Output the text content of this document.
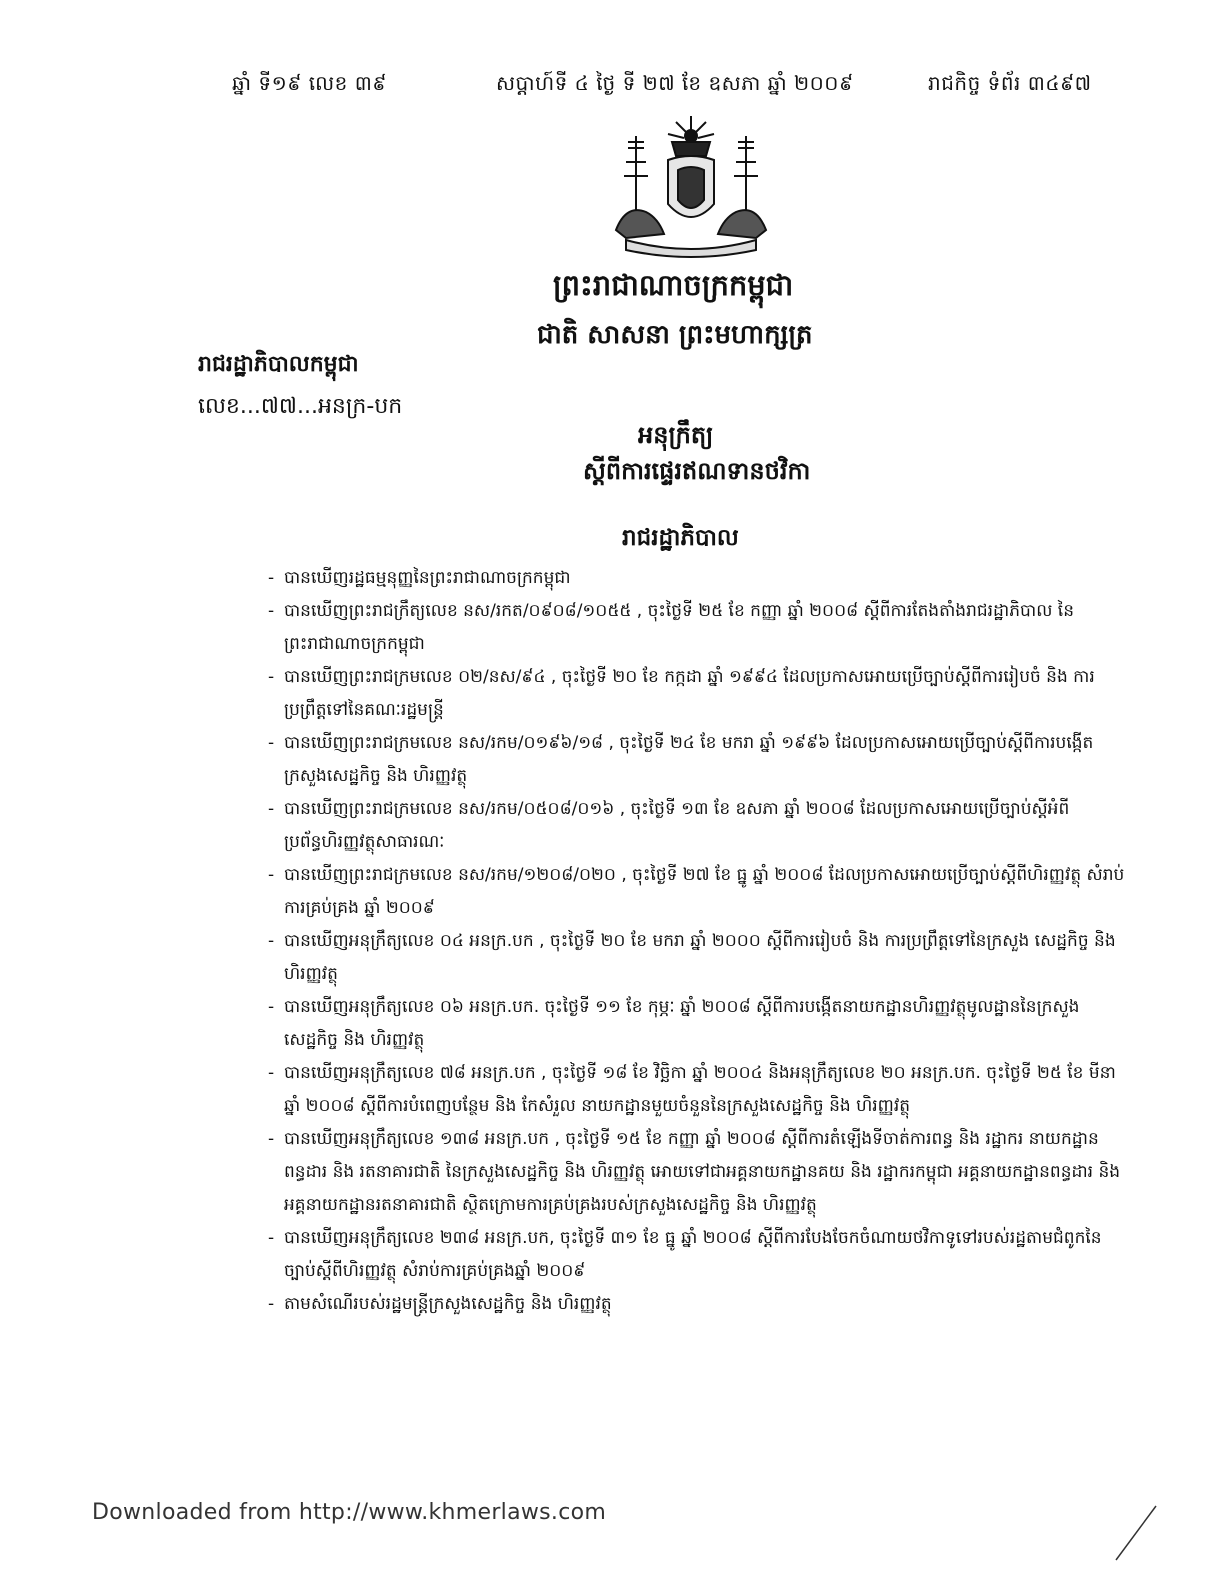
ឆ្នាំ ទី១៩ លេខ ៣៩	សប្តាហ៍ទី ៤ ថ្ងៃ ទី ២៧ ខែ ឧសភា ឆ្នាំ ២០០៩	រាជកិច្ច ទំព័រ ៣៤៩៧
ព្រះរាជាណាចក្រកម្ពុជា
ជាតិ សាសនា ព្រះមហាក្សត្រ
រាជរដ្ឋាភិបាលកម្ពុជា
លេខ...៧៧...អនក្រ-បក
អនុក្រឹត្យ
ស្តីពីការផ្ទេរឥណទានថវិកា
រាជរដ្ឋាភិបាល
- បានឃើញរដ្ឋធម្មនុញ្ញនៃព្រះរាជាណាចក្រកម្ពុជា
- បានឃើញព្រះរាជក្រឹត្យលេខ នស/រកត/០៩០៨/១០៥៥ , ចុះថ្ងៃទី ២៥ ខែ កញ្ញា ឆ្នាំ ២០០៨ ស្តីពីការតែងតាំងរាជរដ្ឋាភិបាល នៃព្រះរាជាណាចក្រកម្ពុជា
- បានឃើញព្រះរាជក្រមលេខ ០២/នស/៩៤ , ចុះថ្ងៃទី ២០ ខែ កក្កដា ឆ្នាំ ១៩៩៤ ដែលប្រកាសអោយប្រើច្បាប់ស្តីពីការរៀបចំ និង ការប្រព្រឹត្តទៅនៃគណៈរដ្ឋមន្ត្រី
- បានឃើញព្រះរាជក្រមលេខ នស/រកម/០១៩៦/១៨ , ចុះថ្ងៃទី ២៤ ខែ មករា ឆ្នាំ ១៩៩៦ ដែលប្រកាសអោយប្រើច្បាប់ស្តីពីការបង្កើតក្រសួងសេដ្ឋកិច្ច និង ហិរញ្ញវត្ថុ
- បានឃើញព្រះរាជក្រមលេខ នស/រកម/០៥០៨/០១៦ , ចុះថ្ងៃទី ១៣ ខែ ឧសភា ឆ្នាំ ២០០៨ ដែលប្រកាសអោយប្រើច្បាប់ស្តីអំពីប្រព័ន្ធហិរញ្ញវត្ថុសាធារណៈ
- បានឃើញព្រះរាជក្រមលេខ នស/រកម/១២០៨/០២០ , ចុះថ្ងៃទី ២៧ ខែ ធ្នូ ឆ្នាំ ២០០៨ ដែលប្រកាសអោយប្រើច្បាប់ស្តីពីហិរញ្ញវត្ថុ សំរាប់ការគ្រប់គ្រង ឆ្នាំ ២០០៩
- បានឃើញអនុក្រឹត្យលេខ ០៤ អនក្រ.បក , ចុះថ្ងៃទី ២០ ខែ មករា ឆ្នាំ ២០០០ ស្តីពីការរៀបចំ និង ការប្រព្រឹត្តទៅនៃក្រសួង សេដ្ឋកិច្ច និង ហិរញ្ញវត្ថុ
- បានឃើញអនុក្រឹត្យលេខ ០៦ អនក្រ.បក. ចុះថ្ងៃទី ១១ ខែ កុម្ភៈ ឆ្នាំ ២០០៨ ស្តីពីការបង្កើតនាយកដ្ឋានហិរញ្ញវត្ថុមូលដ្ឋាននៃក្រសួងសេដ្ឋកិច្ច និង ហិរញ្ញវត្ថុ
- បានឃើញអនុក្រឹត្យលេខ ៧៨ អនក្រ.បក , ចុះថ្ងៃទី ១៨ ខែ វិច្ឆិកា ឆ្នាំ ២០០៤ និងអនុក្រឹត្យលេខ ២០ អនក្រ.បក. ចុះថ្ងៃទី ២៥ ខែ មីនា ឆ្នាំ ២០០៨ ស្តីពីការបំពេញបន្ថែម និង កែសំរួល នាយកដ្ឋានមួយចំនួននៃក្រសួងសេដ្ឋកិច្ច និង ហិរញ្ញវត្ថុ
- បានឃើញអនុក្រឹត្យលេខ ១៣៨ អនក្រ.បក , ចុះថ្ងៃទី ១៥ ខែ កញ្ញា ឆ្នាំ ២០០៨ ស្តីពីការតំឡើងទីចាត់ការពន្ធ និង រដ្ឋាករ នាយកដ្ឋានពន្ធដារ និង រតនាគារជាតិ នៃក្រសួងសេដ្ឋកិច្ច និង ហិរញ្ញវត្ថុ អោយទៅជាអគ្គនាយកដ្ឋានគយ និង រដ្ឋាករកម្ពុជា អគ្គនាយកដ្ឋានពន្ធដារ និង អគ្គនាយកដ្ឋានរតនាគារជាតិ ស្ថិតក្រោមការគ្រប់គ្រងរបស់ក្រសួងសេដ្ឋកិច្ច និង ហិរញ្ញវត្ថុ
- បានឃើញអនុក្រឹត្យលេខ ២៣៨ អនក្រ.បក, ចុះថ្ងៃទី ៣១ ខែ ធ្នូ ឆ្នាំ ២០០៨ ស្តីពីការបែងចែកចំណាយថវិកាទូទៅរបស់រដ្ឋតាមជំពូកនៃច្បាប់ស្តីពីហិរញ្ញវត្ថុ សំរាប់ការគ្រប់គ្រងឆ្នាំ ២០០៩
- តាមសំណើរបស់រដ្ឋមន្ត្រីក្រសួងសេដ្ឋកិច្ច និង ហិរញ្ញវត្ថុ
Downloaded from http://www.khmerlaws.com
